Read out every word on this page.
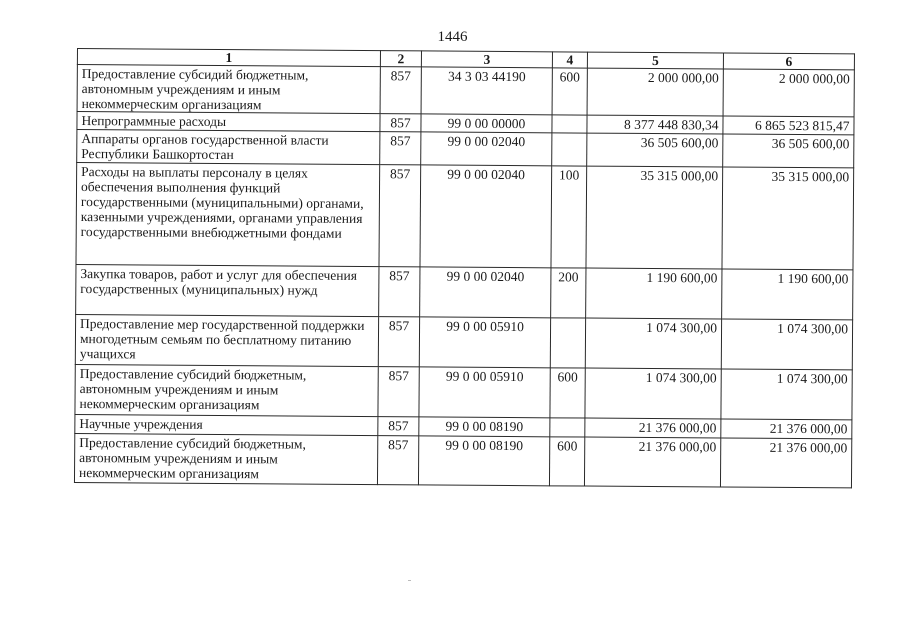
1446
1	2	3	4	5	6
Предоставление субсидий бюджетным, автономным учреждениям и иным некоммерческим организациям	857	34 3 03 44190	600	2 000 000,00	2 000 000,00
Непрограммные расходы	857	99 0 00 00000		8 377 448 830,34	6 865 523 815,47
Аппараты органов государственной власти Республики Башкортостан	857	99 0 00 02040		36 505 600,00	36 505 600,00
Расходы на выплаты персоналу в целях обеспечения выполнения функций государственными (муниципальными) органами, казенными учреждениями, органами управления государственными внебюджетными фондами	857	99 0 00 02040	100	35 315 000,00	35 315 000,00
Закупка товаров, работ и услуг для обеспечения государственных (муниципальных) нужд	857	99 0 00 02040	200	1 190 600,00	1 190 600,00
Предоставление мер государственной поддержки многодетным семьям по бесплатному питанию учащихся	857	99 0 00 05910		1 074 300,00	1 074 300,00
Предоставление субсидий бюджетным, автономным учреждениям и иным некоммерческим организациям	857	99 0 00 05910	600	1 074 300,00	1 074 300,00
Научные учреждения	857	99 0 00 08190		21 376 000,00	21 376 000,00
Предоставление субсидий бюджетным, автономным учреждениям и иным некоммерческим организациям	857	99 0 00 08190	600	21 376 000,00	21 376 000,00
